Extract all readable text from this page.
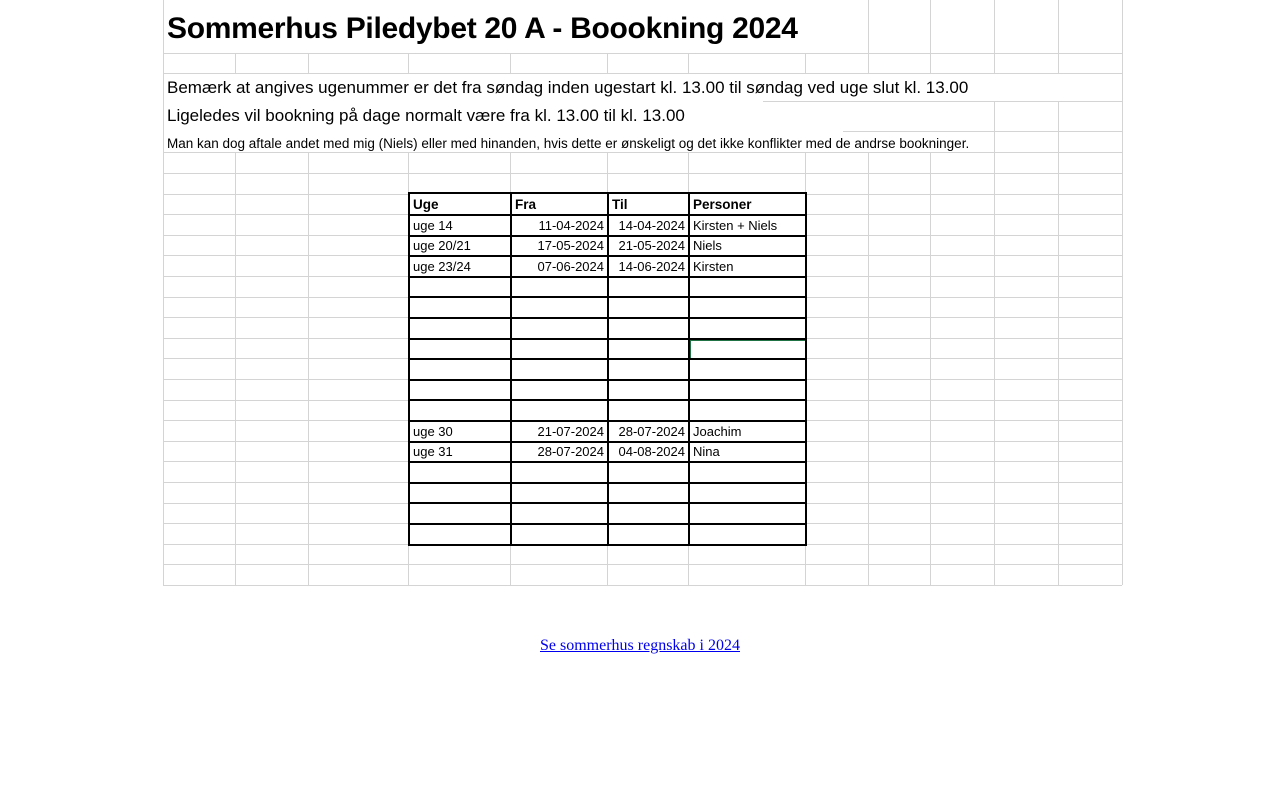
Sommerhus Piledybet 20 A - Boookning 2024
Bemærk at angives ugenummer er det fra søndag inden ugestart kl. 13.00 til søndag ved uge slut kl. 13.00
Ligeledes vil bookning på dage normalt være fra kl. 13.00 til kl. 13.00
Man kan dog aftale andet med mig (Niels) eller med hinanden, hvis dette er ønskeligt og det ikke konflikter med de andrse bookninger.
Uge	Fra	Til	Personer
uge 14	11-04-2024	14-04-2024	Kirsten + Niels
uge 20/21	17-05-2024	21-05-2024	Niels
uge 23/24	07-06-2024	14-06-2024	Kirsten

uge 30	21-07-2024	28-07-2024	Joachim
uge 31	28-07-2024	04-08-2024	Nina

Se sommerhus regnskab i 2024
